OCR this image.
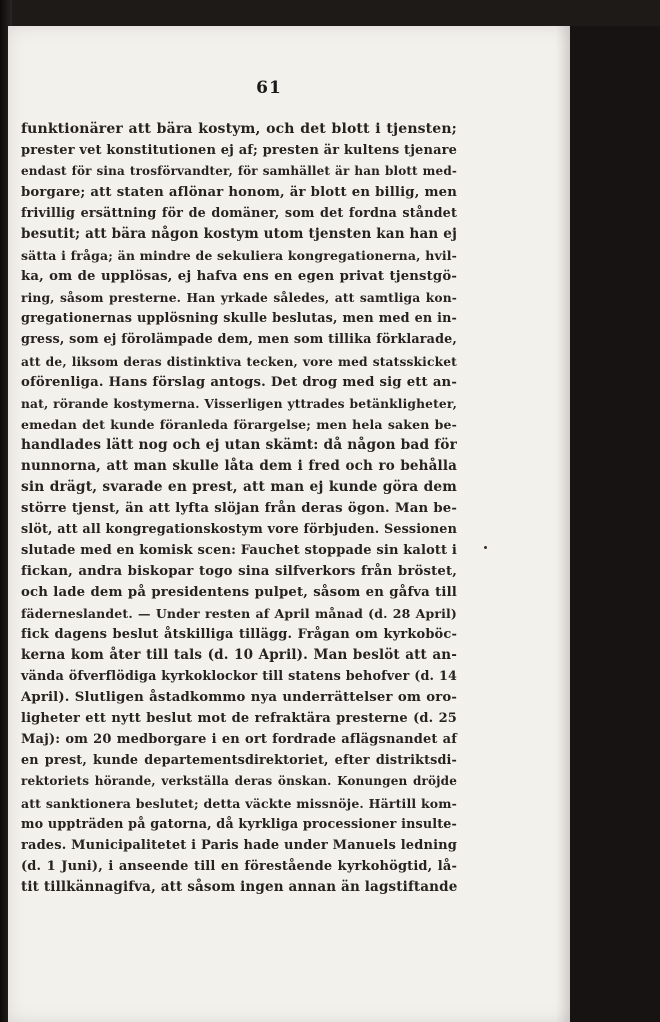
61
funktionärer att bära kostym, och det blott i tjensten;
prester vet konstitutionen ej af; presten är kultens tjenare
endast för sina trosförvandter, för samhället är han blott med-
borgare; att staten aflönar honom, är blott en billig, men
frivillig ersättning för de domäner, som det fordna ståndet
besutit; att bära någon kostym utom tjensten kan han ej
sätta i fråga; än mindre de sekuliera kongregationerna, hvil-
ka, om de upplösas, ej hafva ens en egen privat tjenstgö-
ring, såsom presterne. Han yrkade således, att samtliga kon-
gregationernas upplösning skulle beslutas, men med en in-
gress, som ej förolämpade dem, men som tillika förklarade,
att de, liksom deras distinktiva tecken, vore med statsskicket
oförenliga. Hans förslag antogs. Det drog med sig ett an-
nat, rörande kostymerna. Visserligen yttrades betänkligheter,
emedan det kunde föranleda förargelse; men hela saken be-
handlades lätt nog och ej utan skämt: då någon bad för
nunnorna, att man skulle låta dem i fred och ro behålla
sin drägt, svarade en prest, att man ej kunde göra dem
större tjenst, än att lyfta slöjan från deras ögon. Man be-
slöt, att all kongregationskostym vore förbjuden. Sessionen
slutade med en komisk scen: Fauchet stoppade sin kalott i
fickan, andra biskopar togo sina silfverkors från bröstet,
och lade dem på presidentens pulpet, såsom en gåfva till
fäderneslandet. — Under resten af April månad (d. 28 April)
fick dagens beslut åtskilliga tillägg. Frågan om kyrkoböc-
kerna kom åter till tals (d. 10 April). Man beslöt att an-
vända öfverflödiga kyrkoklockor till statens behofver (d. 14
April). Slutligen åstadkommo nya underrättelser om oro-
ligheter ett nytt beslut mot de refraktära presterne (d. 25
Maj): om 20 medborgare i en ort fordrade aflägsnandet af
en prest, kunde departementsdirektoriet, efter distriktsdi-
rektoriets hörande, verkställa deras önskan. Konungen dröjde
att sanktionera beslutet; detta väckte missnöje. Härtill kom-
mo uppträden på gatorna, då kyrkliga processioner insulte-
rades. Municipalitetet i Paris hade under Manuels ledning
(d. 1 Juni), i anseende till en förestående kyrkohögtid, lå-
tit tillkännagifva, att såsom ingen annan än lagstiftande
